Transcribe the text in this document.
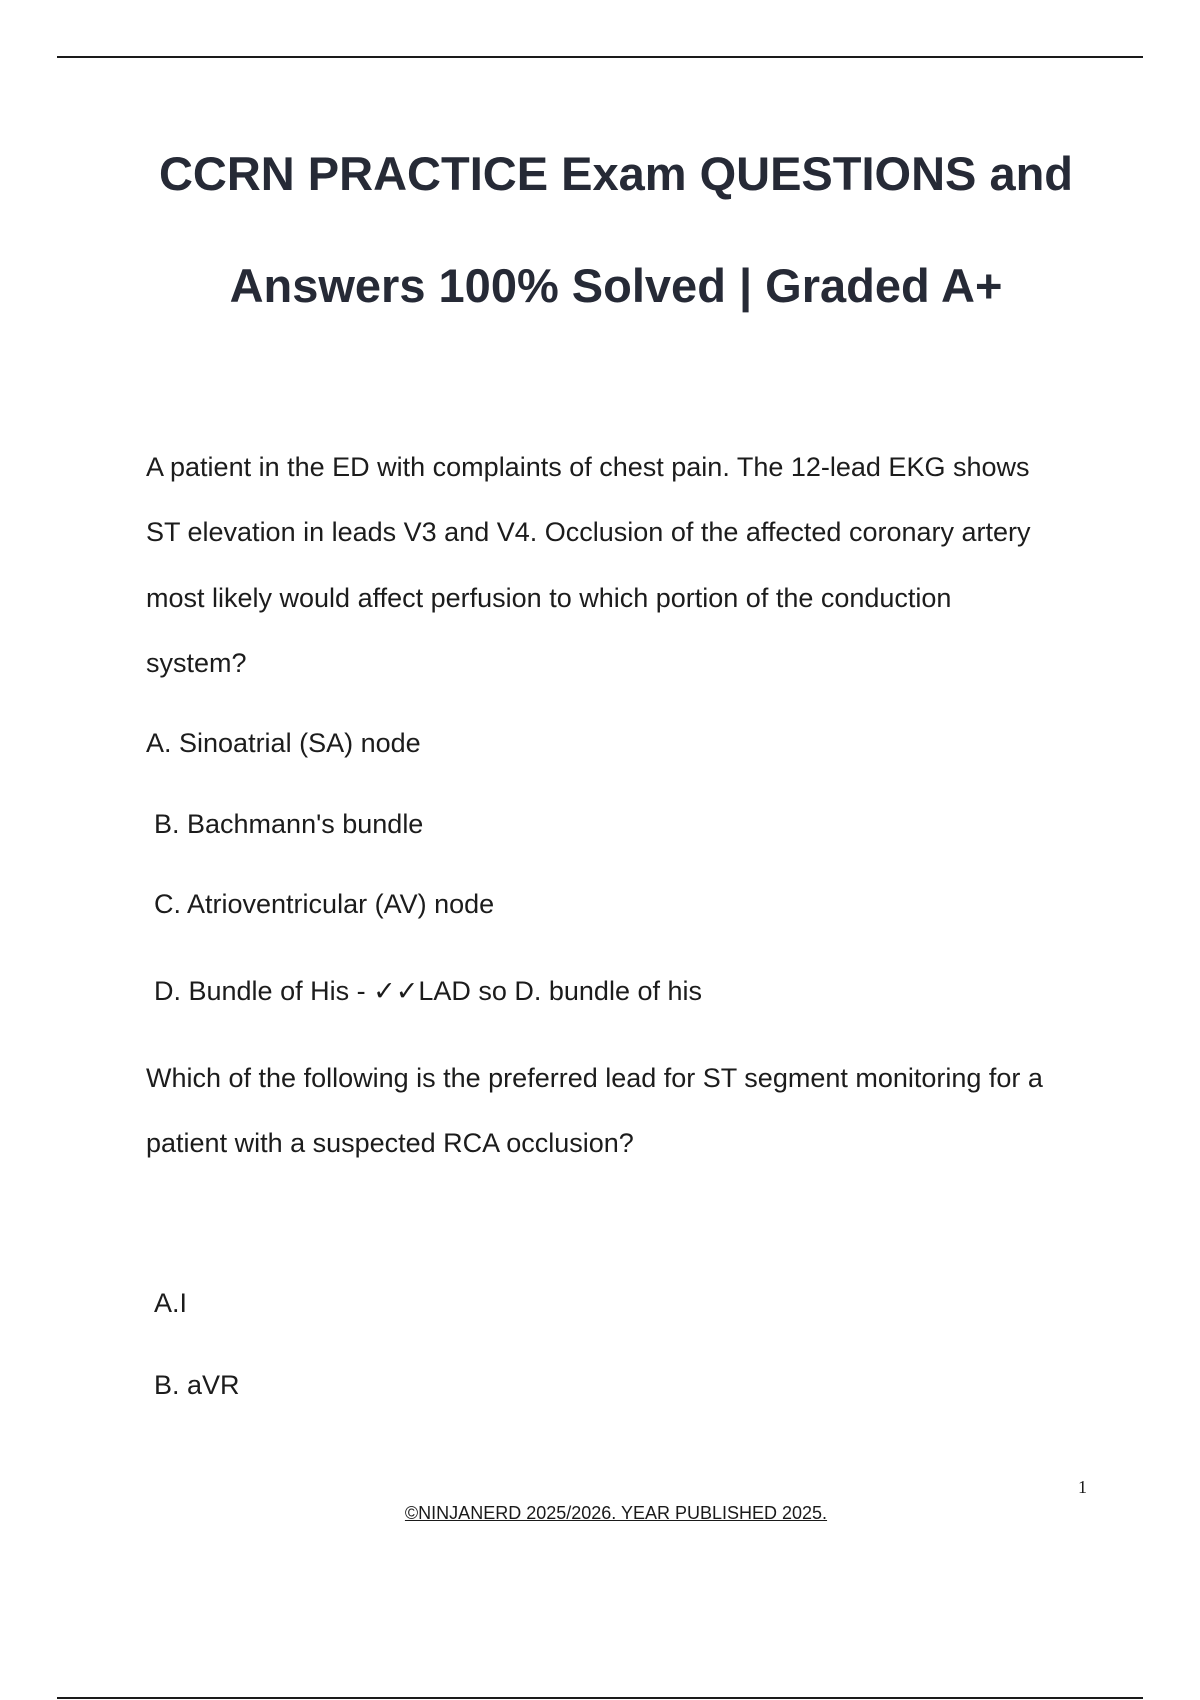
CCRN PRACTICE Exam QUESTIONS and
Answers 100% Solved | Graded A+
A patient in the ED with complaints of chest pain. The 12-lead EKG shows
ST elevation in leads V3 and V4. Occlusion of the affected coronary artery
most likely would affect perfusion to which portion of the conduction
system?
A. Sinoatrial (SA) node
B. Bachmann's bundle
C. Atrioventricular (AV) node
D. Bundle of His - ✓✓LAD so D. bundle of his
Which of the following is the preferred lead for ST segment monitoring for a
patient with a suspected RCA occlusion?
A.I
B. aVR
1
©NINJANERD 2025/2026. YEAR PUBLISHED 2025.
